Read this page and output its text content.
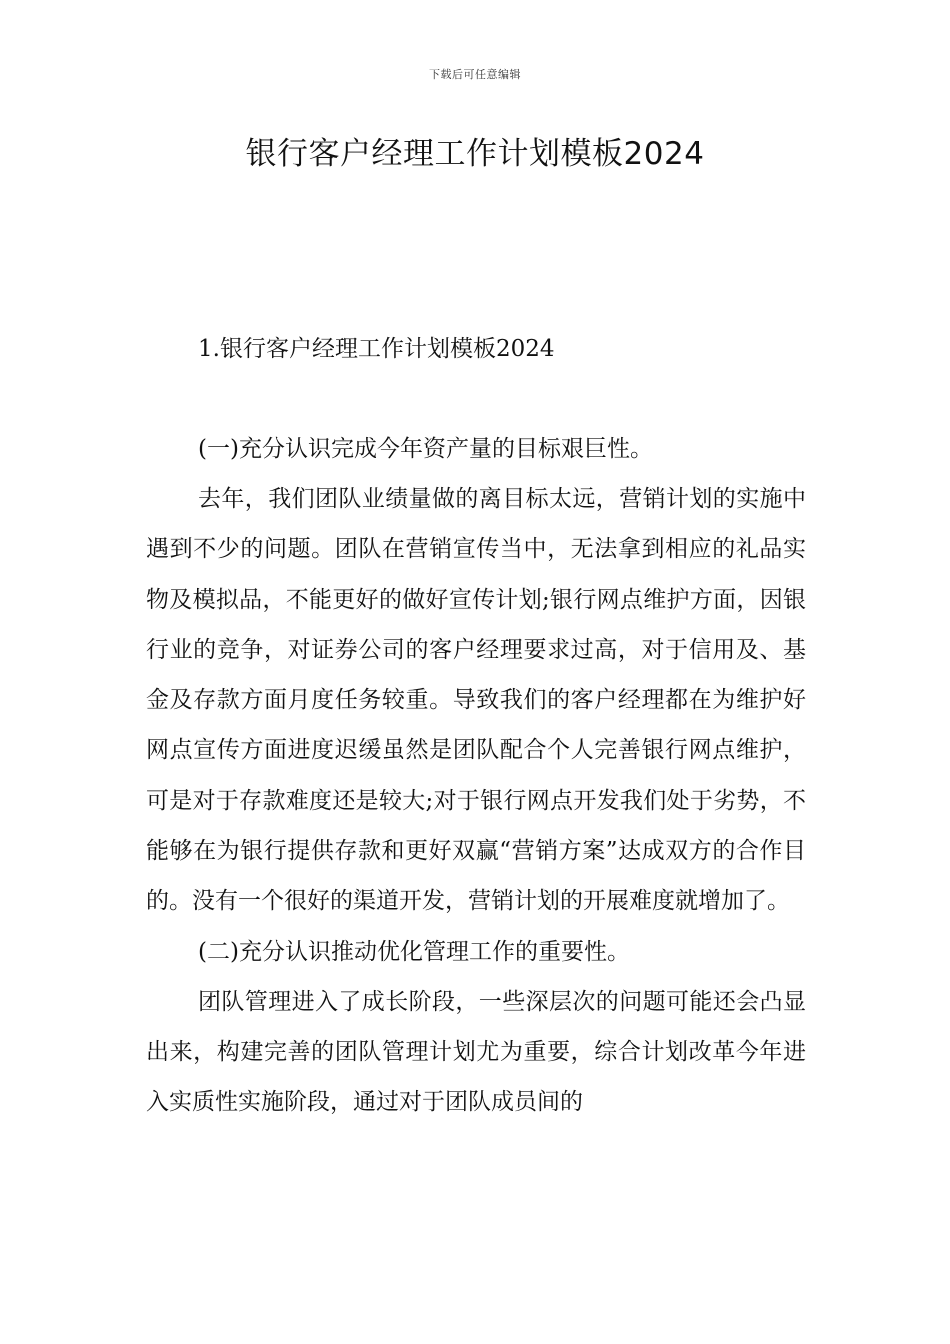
下载后可任意编辑
银行客户经理工作计划模板2024

1.银行客户经理工作计划模板2024

(一)充分认识完成今年资产量的目标艰巨性。

去年，我们团队业绩量做的离目标太远，营销计划的实施中遇到不少的问题。团队在营销宣传当中，无法拿到相应的礼品实物及模拟品，不能更好的做好宣传计划;银行网点维护方面，因银行业的竞争，对证券公司的客户经理要求过高，对于信用及、基金及存款方面月度任务较重。导致我们的客户经理都在为维护好网点宣传方面进度迟缓虽然是团队配合个人完善银行网点维护，可是对于存款难度还是较大;对于银行网点开发我们处于劣势，不能够在为银行提供存款和更好双赢“营销方案”达成双方的合作目的。没有一个很好的渠道开发，营销计划的开展难度就增加了。

(二)充分认识推动优化管理工作的重要性。

团队管理进入了成长阶段，一些深层次的问题可能还会凸显出来，构建完善的团队管理计划尤为重要，综合计划改革今年进入实质性实施阶段，通过对于团队成员间的
